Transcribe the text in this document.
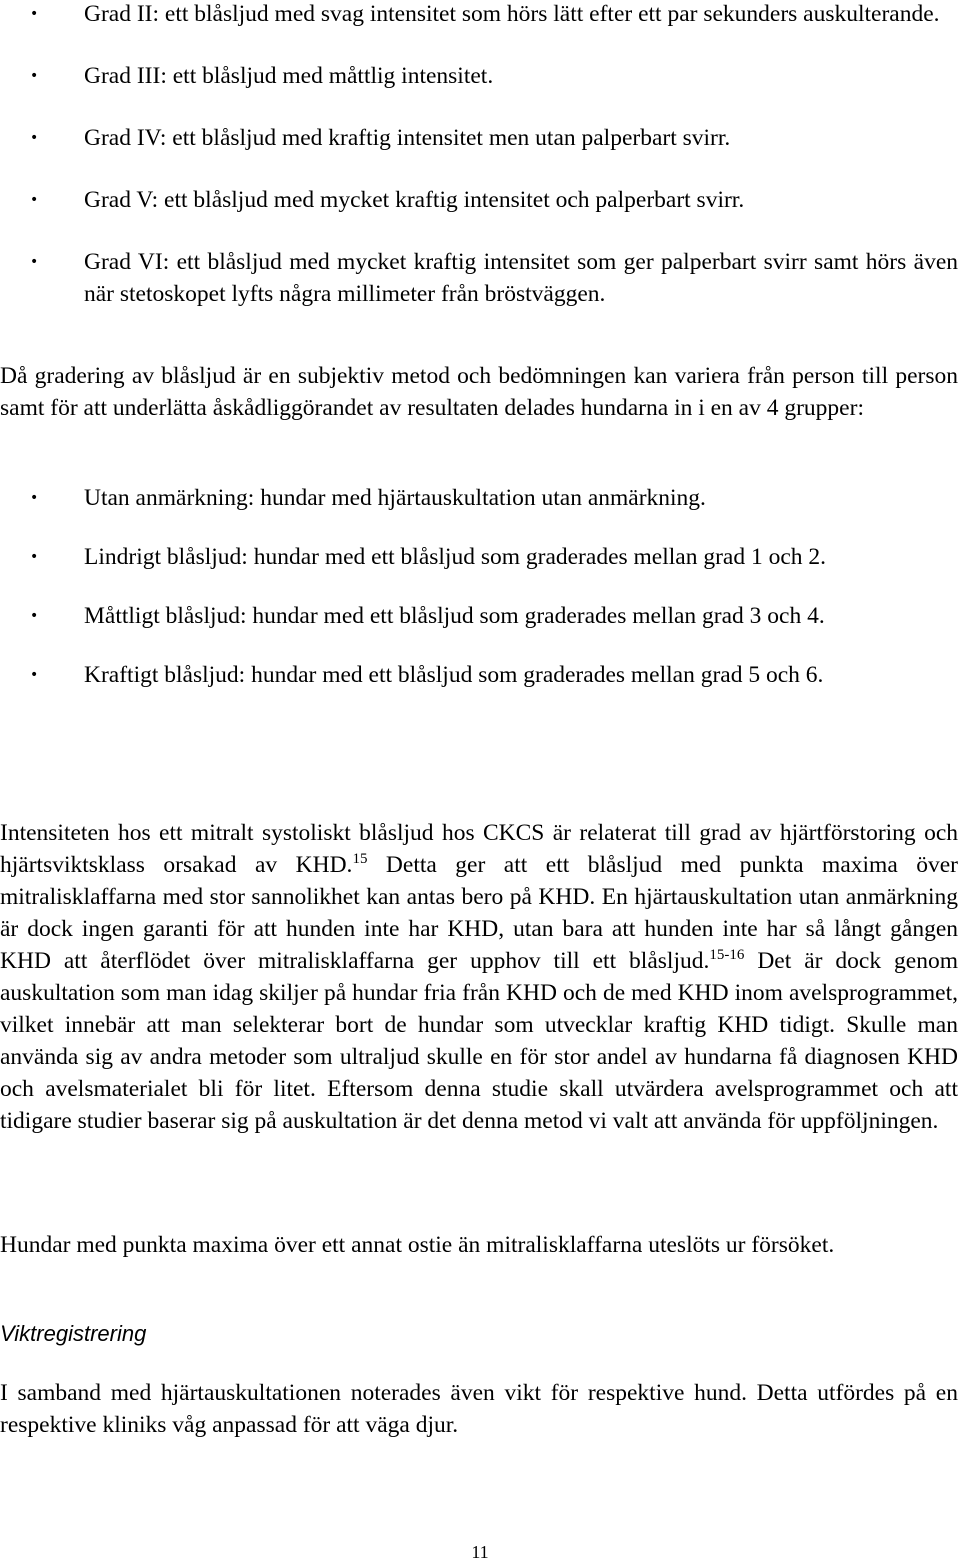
• Grad II: ett blåsljud med svag intensitet som hörs lätt efter ett par sekunders auskulterande.
• Grad III: ett blåsljud med måttlig intensitet.
• Grad IV: ett blåsljud med kraftig intensitet men utan palperbart svirr.
• Grad V: ett blåsljud med mycket kraftig intensitet och palperbart svirr.
• Grad VI: ett blåsljud med mycket kraftig intensitet som ger palperbart svirr samt hörs även när stetoskopet lyfts några millimeter från bröstväggen.

Då gradering av blåsljud är en subjektiv metod och bedömningen kan variera från person till person samt för att underlätta åskådliggörandet av resultaten delades hundarna in i en av 4 grupper:

• Utan anmärkning: hundar med hjärtauskultation utan anmärkning.
• Lindrigt blåsljud: hundar med ett blåsljud som graderades mellan grad 1 och 2.
• Måttligt blåsljud: hundar med ett blåsljud som graderades mellan grad 3 och 4.
• Kraftigt blåsljud: hundar med ett blåsljud som graderades mellan grad 5 och 6.

Intensiteten hos ett mitralt systoliskt blåsljud hos CKCS är relaterat till grad av hjärtförstoring och hjärtsviktsklass orsakad av KHD.$^{15}$ Detta ger att ett blåsljud med punkta maxima över mitralisklaffarna med stor sannolikhet kan antas bero på KHD. En hjärtauskultation utan anmärkning är dock ingen garanti för att hunden inte har KHD, utan bara att hunden inte har så långt gången KHD att återflödet över mitralisklaffarna ger upphov till ett blåsljud.$^{15-16}$ Det är dock genom auskultation som man idag skiljer på hundar fria från KHD och de med KHD inom avelsprogrammet, vilket innebär att man selekterar bort de hundar som utvecklar kraftig KHD tidigt. Skulle man använda sig av andra metoder som ultraljud skulle en för stor andel av hundarna få diagnosen KHD och avelsmaterialet bli för litet. Eftersom denna studie skall utvärdera avelsprogrammet och att tidigare studier baserar sig på auskultation är det denna metod vi valt att använda för uppföljningen.

Hundar med punkta maxima över ett annat ostie än mitralisklaffarna uteslöts ur försöket.

Viktregistrering

I samband med hjärtauskultationen noterades även vikt för respektive hund. Detta utfördes på en respektive kliniks våg anpassad för att väga djur.

11
